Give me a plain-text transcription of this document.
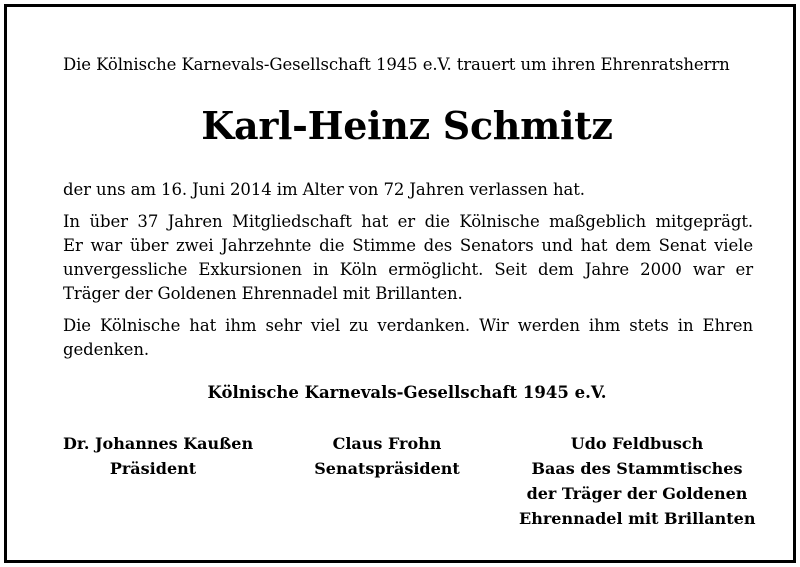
Die Kölnische Karnevals-Gesellschaft 1945 e.V. trauert um ihren Ehrenratsherrn
Karl-Heinz Schmitz
der uns am 16. Juni 2014 im Alter von 72 Jahren verlassen hat.
In über 37 Jahren Mitgliedschaft hat er die Kölnische maßgeblich mitgeprägt.
Er war über zwei Jahrzehnte die Stimme des Senators und hat dem Senat viele
unvergessliche Exkursionen in Köln ermöglicht. Seit dem Jahre 2000 war er
Träger der Goldenen Ehrennadel mit Brillanten.
Die Kölnische hat ihm sehr viel zu verdanken. Wir werden ihm stets in Ehren
gedenken.
Kölnische Karnevals-Gesellschaft 1945 e.V.
Dr. Johannes Kaußen
Präsident
Claus Frohn
Senatspräsident
Udo Feldbusch
Baas des Stammtisches
der Träger der Goldenen
Ehrennadel mit Brillanten
